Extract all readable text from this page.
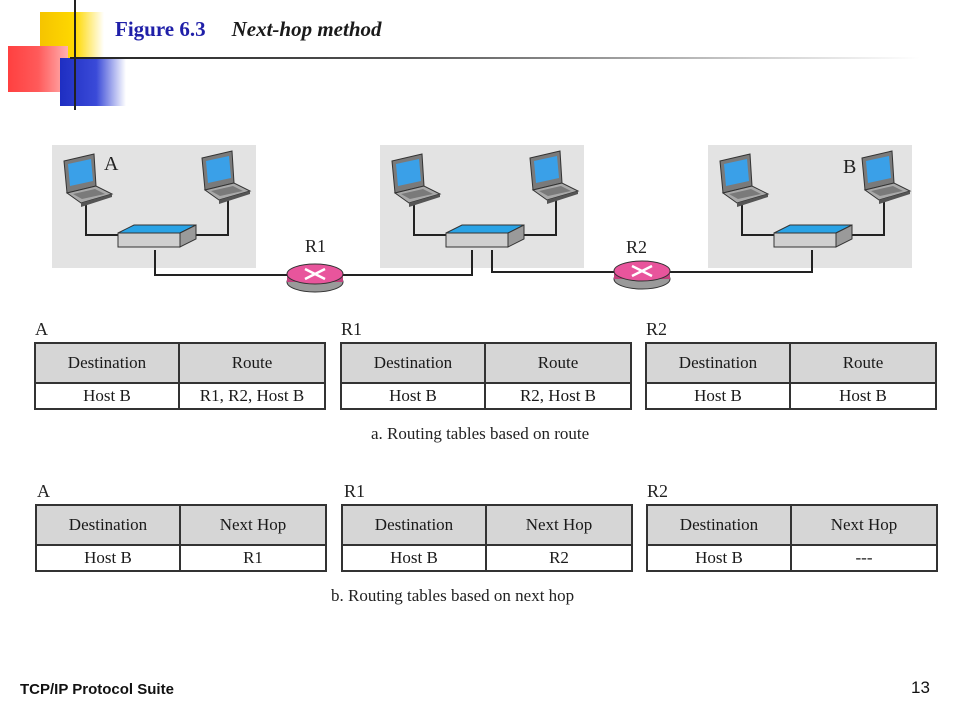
Figure 6.3 Next-hop method
A	B
R1	R2
A
Destination	Route
Host B	R1, R2, Host B
R1
Destination	Route
Host B	R2, Host B
R2
Destination	Route
Host B	Host B
a. Routing tables based on route
A
Destination	Next Hop
Host B	R1
R1
Destination	Next Hop
Host B	R2
R2
Destination	Next Hop
Host B	---
b. Routing tables based on next hop
TCP/IP Protocol Suite	13
